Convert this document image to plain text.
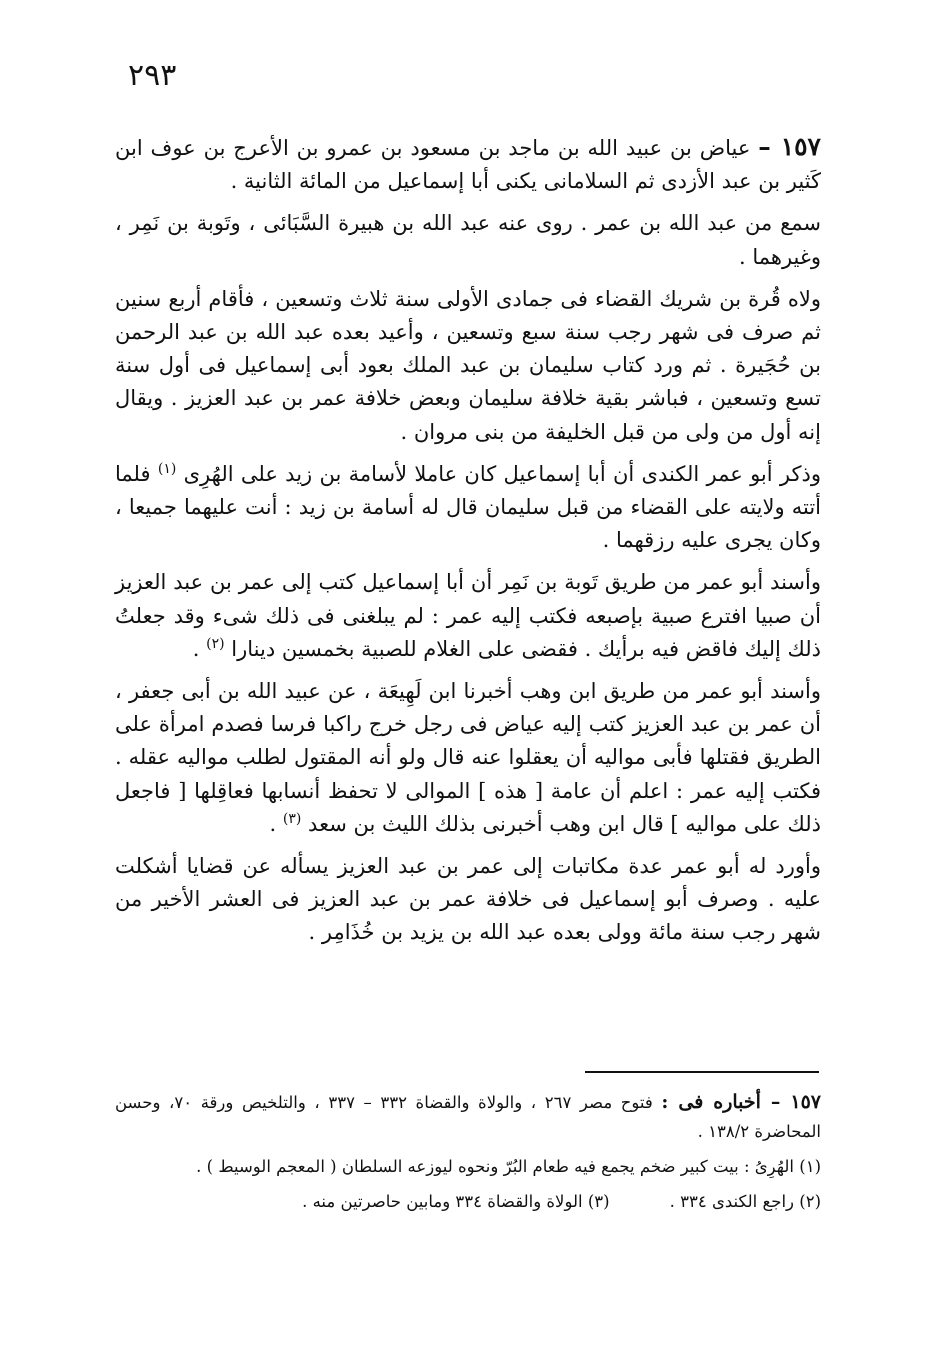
٢٩٣

١٥٧ – عياض بن عبيد الله بن ماجد بن مسعود بن عمرو بن الأعرج بن عوف ابن كَثير بن عبد الأزدى ثم السلامانى يكنى أبا إسماعيل من المائة الثانية .

سمع من عبد الله بن عمر . روى عنه عبد الله بن هبيرة السَّبَائى ، وتَوبة بن نَمِر ، وغيرهما .

ولاه قُرة بن شريك القضاء فى جمادى الأولى سنة ثلاث وتسعين ، فأقام أربع سنين ثم صرف فى شهر رجب سنة سبع وتسعين ، وأعيد بعده عبد الله بن عبد الرحمن بن حُجَيرة . ثم ورد كتاب سليمان بن عبد الملك بعود أبى إسماعيل فى أول سنة تسع وتسعين ، فباشر بقية خلافة سليمان وبعض خلافة عمر بن عبد العزيز . ويقال إنه أول من ولى من قبل الخليفة من بنى مروان .

وذكر أبو عمر الكندى أن أبا إسماعيل كان عاملا لأسامة بن زيد على الهُرِى $^{(١)}$ فلما أتته ولايته على القضاء من قبل سليمان قال له أسامة بن زيد : أنت عليهما جميعا ، وكان يجرى عليه رزقهما .

وأسند أبو عمر من طريق تَوبة بن نَمِر أن أبا إسماعيل كتب إلى عمر بن عبد العزيز أن صبيا افترع صبية بإصبعه فكتب إليه عمر : لم يبلغنى فى ذلك شىء وقد جعلتُ ذلك إليك فاقض فيه برأيك . فقضى على الغلام للصبية بخمسين دينارا $^{(٢)}$ .

وأسند أبو عمر من طريق ابن وهب أخبرنا ابن لَهِيعَة ، عن عبيد الله بن أبى جعفر ، أن عمر بن عبد العزيز كتب إليه عياض فى رجل خرج راكبا فرسا فصدم امرأة على الطريق فقتلها فأبى مواليه أن يعقلوا عنه قال ولو أنه المقتول لطلب مواليه عقله . فكتب إليه عمر : اعلم أن عامة [ هذه ] الموالى لا تحفظ أنسابها فعاقِلها [ فاجعل ذلك على مواليه ] قال ابن وهب أخبرنى بذلك الليث بن سعد $^{(٣)}$ .

وأورد له أبو عمر عدة مكاتبات إلى عمر بن عبد العزيز يسأله عن قضايا أشكلت عليه . وصرف أبو إسماعيل فى خلافة عمر بن عبد العزيز فى العشر الأخير من شهر رجب سنة مائة وولى بعده عبد الله بن يزيد بن خُذَامِر .

١٥٧ – أخباره فى : فتوح مصر ٢٦٧ ، والولاة والقضاة ٣٣٢ – ٣٣٧ ، والتلخيص ورقة ٧٠، وحسن المحاضرة ١٣٨/٢ .

(١) الهُرِىُ : بيت كبير ضخم يجمع فيه طعام البُرّ ونحوه ليوزعه السلطان ( المعجم الوسيط ) .

(٢) راجع الكندى ٣٣٤ .
(٣) الولاة والقضاة ٣٣٤ ومابين حاصرتين منه .
